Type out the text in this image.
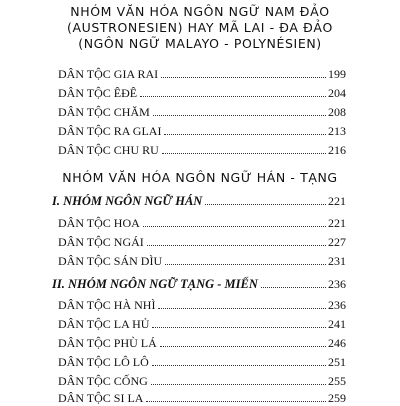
NHÓM VĂN HÓA NGÔN NGỮ NAM ĐẢO
(AUSTRONESIEN) HAY MÃ LAI - ĐA ĐẢO
(NGÔN NGỮ MALAYO - POLYNÉSIEN)
DÂN TỘC GIA RAI	199
DÂN TỘC ÊĐÊ	204
DÂN TỘC CHĂM	208
DÂN TỘC RA GLAI	213
DÂN TỘC CHU RU	216
NHÓM VĂN HÓA NGÔN NGỮ HÁN - TẠNG
I. NHÓM NGÔN NGỮ HÁN	221
DÂN TỘC HOA	221
DÂN TỘC NGÁI	227
DÂN TỘC SÁN DÌU	231
II. NHÓM NGÔN NGỮ TẠNG - MIẾN	236
DÂN TỘC HÀ NHÌ	236
DÂN TỘC LA HỦ	241
DÂN TỘC PHÙ LÁ	246
DÂN TỘC LÔ LÔ	251
DÂN TỘC CỐNG	255
DÂN TỘC SI LA	259
